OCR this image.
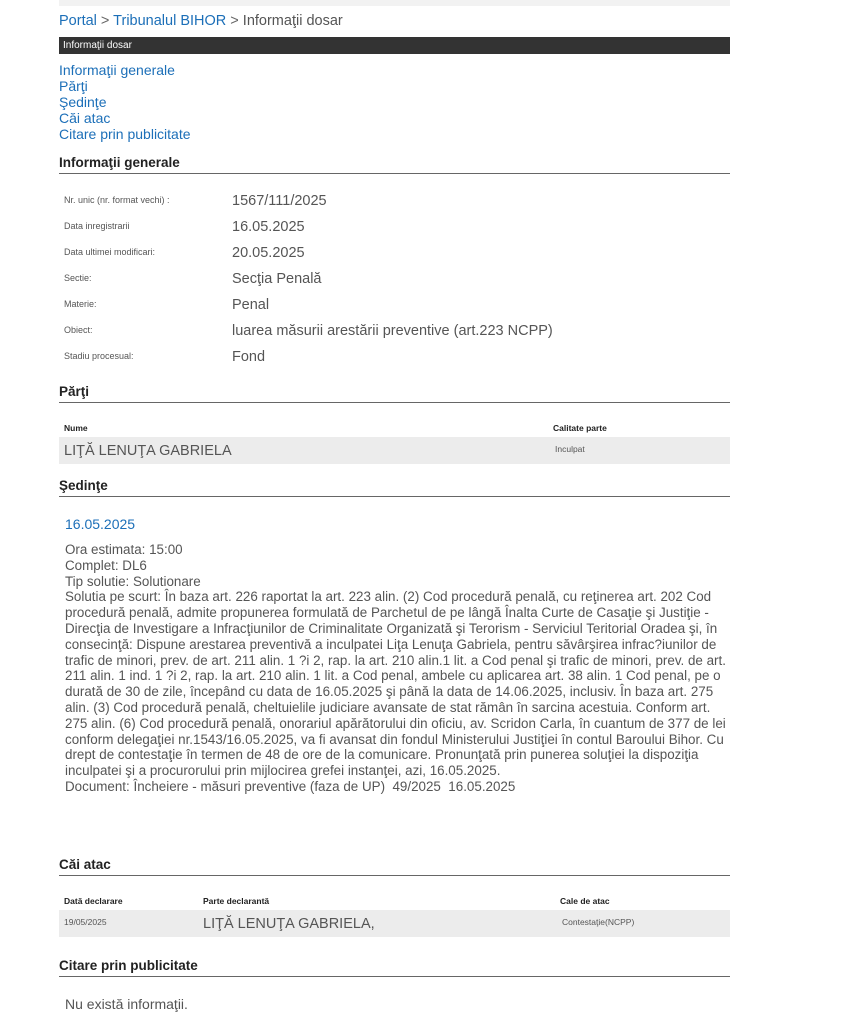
Portal > Tribunalul BIHOR > Informaţii dosar
Informaţii dosar
Informaţii generale
Părţi
Şedinţe
Căi atac
Citare prin publicitate
Informaţii generale
Nr. unic (nr. format vechi) :	1567/111/2025
Data inregistrarii	16.05.2025
Data ultimei modificari:	20.05.2025
Sectie:	Secţia Penală
Materie:	Penal
Obiect:	luarea măsurii arestării preventive (art.223 NCPP)
Stadiu procesual:	Fond
Părţi
Nume	Calitate parte
LIŢĂ LENUŢA GABRIELA	Inculpat
Şedinţe
16.05.2025
Ora estimata: 15:00
Complet: DL6
Tip solutie: Solutionare
Solutia pe scurt: În baza art. 226 raportat la art. 223 alin. (2) Cod procedură penală, cu reţinerea art. 202 Cod procedură penală, admite propunerea formulată de Parchetul de pe lângă Înalta Curte de Casaţie şi Justiţie - Direcţia de Investigare a Infracţiunilor de Criminalitate Organizată şi Terorism - Serviciul Teritorial Oradea şi, în consecinţă: Dispune arestarea preventivă a inculpatei Liţa Lenuţa Gabriela, pentru săvârşirea infrac?iunilor de trafic de minori, prev. de art. 211 alin. 1 ?i 2, rap. la art. 210 alin.1 lit. a Cod penal şi trafic de minori, prev. de art. 211 alin. 1 ind. 1 ?i 2, rap. la art. 210 alin. 1 lit. a Cod penal, ambele cu aplicarea art. 38 alin. 1 Cod penal, pe o durată de 30 de zile, începând cu data de 16.05.2025 şi până la data de 14.06.2025, inclusiv. În baza art. 275 alin. (3) Cod procedură penală, cheltuielile judiciare avansate de stat rămân în sarcina acestuia. Conform art. 275 alin. (6) Cod procedură penală, onorariul apărătorului din oficiu, av. Scridon Carla, în cuantum de 377 de lei conform delegaţiei nr.1543/16.05.2025, va fi avansat din fondul Ministerului Justiţiei în contul Baroului Bihor. Cu drept de contestaţie în termen de 48 de ore de la comunicare. Pronunţată prin punerea soluţiei la dispoziţia inculpatei şi a procurorului prin mijlocirea grefei instanţei, azi, 16.05.2025.
Document: Încheiere - măsuri preventive (faza de UP)  49/2025  16.05.2025
Căi atac
Dată declarare	Parte declarantă	Cale de atac
19/05/2025	LIŢĂ LENUŢA GABRIELA,	Contestaţie(NCPP)
Citare prin publicitate
Nu există informaţii.
